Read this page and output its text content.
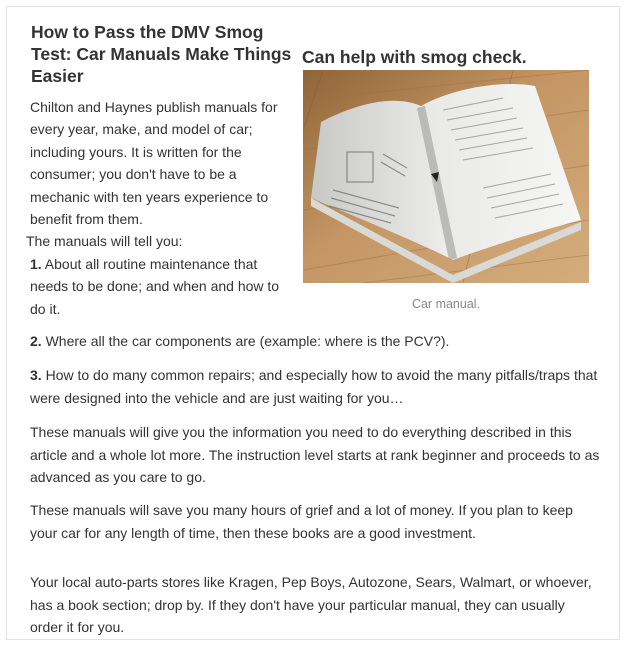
How to Pass the DMV Smog Test: Car Manuals Make Things Easier

Chilton and Haynes publish manuals for every year, make, and model of car; including yours. It is written for the consumer; you don't have to be a mechanic with ten years experience to benefit from them.

The manuals will tell you:

1. About all routine maintenance that needs to be done; and when and how to do it.

Can help with smog check.
Car manual.

2. Where all the car components are (example: where is the PCV?).

3. How to do many common repairs; and especially how to avoid the many pitfalls/traps that were designed into the vehicle and are just waiting for you…

These manuals will give you the information you need to do everything described in this article and a whole lot more. The instruction level starts at rank beginner and proceeds to as advanced as you care to go.

These manuals will save you many hours of grief and a lot of money. If you plan to keep your car for any length of time, then these books are a good investment.

Your local auto-parts stores like Kragen, Pep Boys, Autozone, Sears, Walmart, or whoever, has a book section; drop by. If they don't have your particular manual, they can usually order it for you.
